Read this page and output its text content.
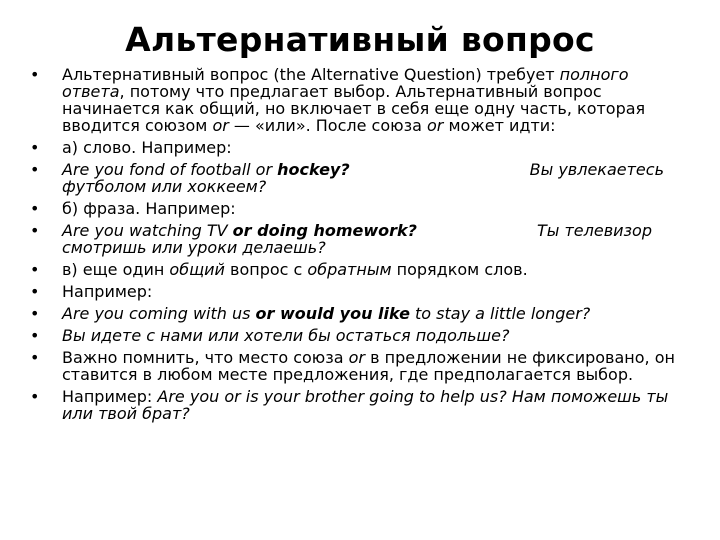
Альтернативный вопрос
• Альтернативный вопрос (the Alternative Question) требует полного ответа, потому что предлагает выбор. Альтернативный вопрос начинается как общий, но включает в себя еще одну часть, которая вводится союзом or — «или». После союза or может идти:
• а) слово. Например:
• Are you fond of football or hockey?	Вы увлекаетесь футболом или хоккеем?
• б) фраза. Например:
• Are you watching TV or doing homework?	Ты телевизор смотришь или уроки делаешь?
• в) еще один общий вопрос с обратным порядком слов.
• Например:
• Are you coming with us or would you like to stay a little longer?
• Вы идете с нами или хотели бы остаться подольше?
• Важно помнить, что место союза or в предложении не фиксировано, он ставится в любом месте предложения, где предполагается выбор.
• Например: Are you or is your brother going to help us? Нам поможешь ты или твой брат?
